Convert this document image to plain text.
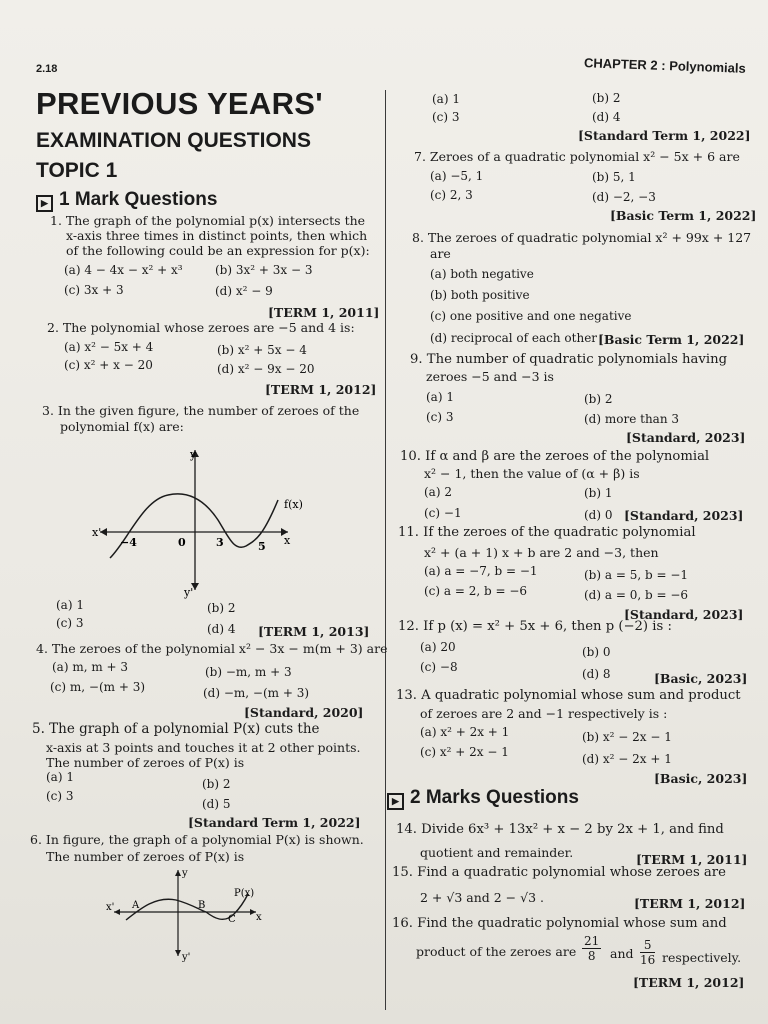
2.18	CHAPTER 2 : Polynomials
PREVIOUS YEARS'
EXAMINATION QUESTIONS
TOPIC 1
▶ 1 Mark Questions
1. The graph of the polynomial p(x) intersects the
x-axis three times in distinct points, then which
of the following could be an expression for p(x):
(a) 4 − 4x − x² + x³	(b) 3x² + 3x − 3
(c) 3x + 3	(d) x² − 9
[TERM 1, 2011]
2. The polynomial whose zeroes are −5 and 4 is:
(a) x² − 5x + 4	(b) x² + 5x − 4
(c) x² + x − 20	(d) x² − 9x − 20
[TERM 1, 2012]
3. In the given figure, the number of zeroes of the
polynomial f(x) are:
y
y'
x'
x
f(x)
−4	0	3	5
(a) 1	(b) 2
(c) 3	(d) 4 [TERM 1, 2013]
4. The zeroes of the polynomial x² − 3x − m(m + 3) are
(a) m, m + 3	(b) −m, m + 3
(c) m, −(m + 3)	(d) −m, −(m + 3)
[Standard, 2020]
5. The graph of a polynomial P(x) cuts the
x-axis at 3 points and touches it at 2 other points.
The number of zeroes of P(x) is
(a) 1	(b) 2
(c) 3
(d) 5
[Standard Term 1, 2022]
6. In figure, the graph of a polynomial P(x) is shown.
The number of zeroes of P(x) is
y
y'
x'
x
A	B
C
P(x)
(a) 1	(b) 2
(c) 3	(d) 4
[Standard Term 1, 2022]
7. Zeroes of a quadratic polynomial x² − 5x + 6 are
(a) −5, 1	(b) 5, 1
(c) 2, 3	(d) −2, −3
[Basic Term 1, 2022]
8. The zeroes of quadratic polynomial x² + 99x + 127
are
(a) both negative
(b) both positive
(c) one positive and one negative
(d) reciprocal of each other [Basic Term 1, 2022]
9. The number of quadratic polynomials having
zeroes −5 and −3 is
(a) 1	(b) 2
(c) 3	(d) more than 3
[Standard, 2023]
10. If α and β are the zeroes of the polynomial
x² − 1, then the value of (α + β) is
(a) 2	(b) 1
(c) −1	(d) 0 [Standard, 2023]
11. If the zeroes of the quadratic polynomial
x² + (a + 1) x + b are 2 and −3, then
(a) a = −7, b = −1	(b) a = 5, b = −1
(c) a = 2, b = −6	(d) a = 0, b = −6
[Standard, 2023]
12. If p (x) = x² + 5x + 6, then p (−2) is :
(a) 20	(b) 0
(c) −8	(d) 8	[Basic, 2023]
13. A quadratic polynomial whose sum and product
of zeroes are 2 and −1 respectively is :
(a) x² + 2x + 1	(b) x² − 2x − 1
(c) x² + 2x − 1	(d) x² − 2x + 1
[Basic, 2023]
▶ 2 Marks Questions
14. Divide 6x³ + 13x² + x − 2 by 2x + 1, and find
quotient and remainder.	[TERM 1, 2011]
15. Find a quadratic polynomial whose zeroes are
2 + √3 and 2 − √3 .	[TERM 1, 2012]
16. Find the quadratic polynomial whose sum and
product of the zeroes are
21
8	and
5
16 respectively.
[TERM 1, 2012]
